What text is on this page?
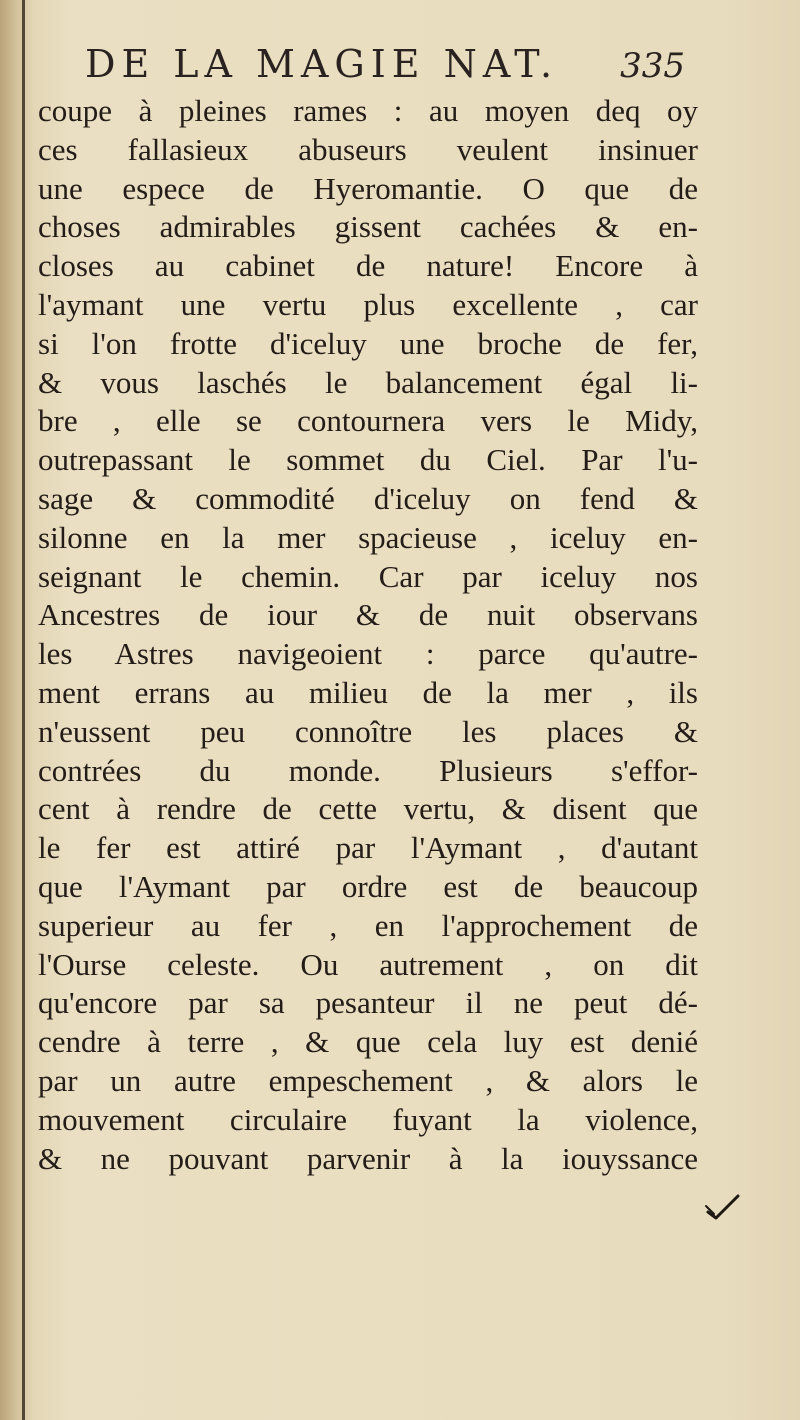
DE LA MAGIE NAT. 335
coupe à pleines rames : au moyen deq oy
ces fallasieux abuseurs veulent insinuer
une espece de Hyeromantie. O que de
choses admirables gissent cachées & en-
closes au cabinet de nature! Encore à
l'aymant une vertu plus excellente , car
si l'on frotte d'iceluy une broche de fer,
& vous laschés le balancement égal li-
bre , elle se contournera vers le Midy,
outrepassant le sommet du Ciel. Par l'u-
sage & commodité d'iceluy on fend &
silonne en la mer spacieuse , iceluy en-
seignant le chemin. Car par iceluy nos
Ancestres de iour & de nuit observans
les Astres navigeoient : parce qu'autre-
ment errans au milieu de la mer , ils
n'eussent peu connoître les places &
contrées du monde. Plusieurs s'effor-
cent à rendre de cette vertu, & disent que
le fer est attiré par l'Aymant , d'autant
que l'Aymant par ordre est de beaucoup
superieur au fer , en l'approchement de
l'Ourse celeste. Ou autrement , on dit
qu'encore par sa pesanteur il ne peut dé-
cendre à terre , & que cela luy est denié
par un autre empeschement , & alors le
mouvement circulaire fuyant la violence,
& ne pouvant parvenir à la iouyssance
